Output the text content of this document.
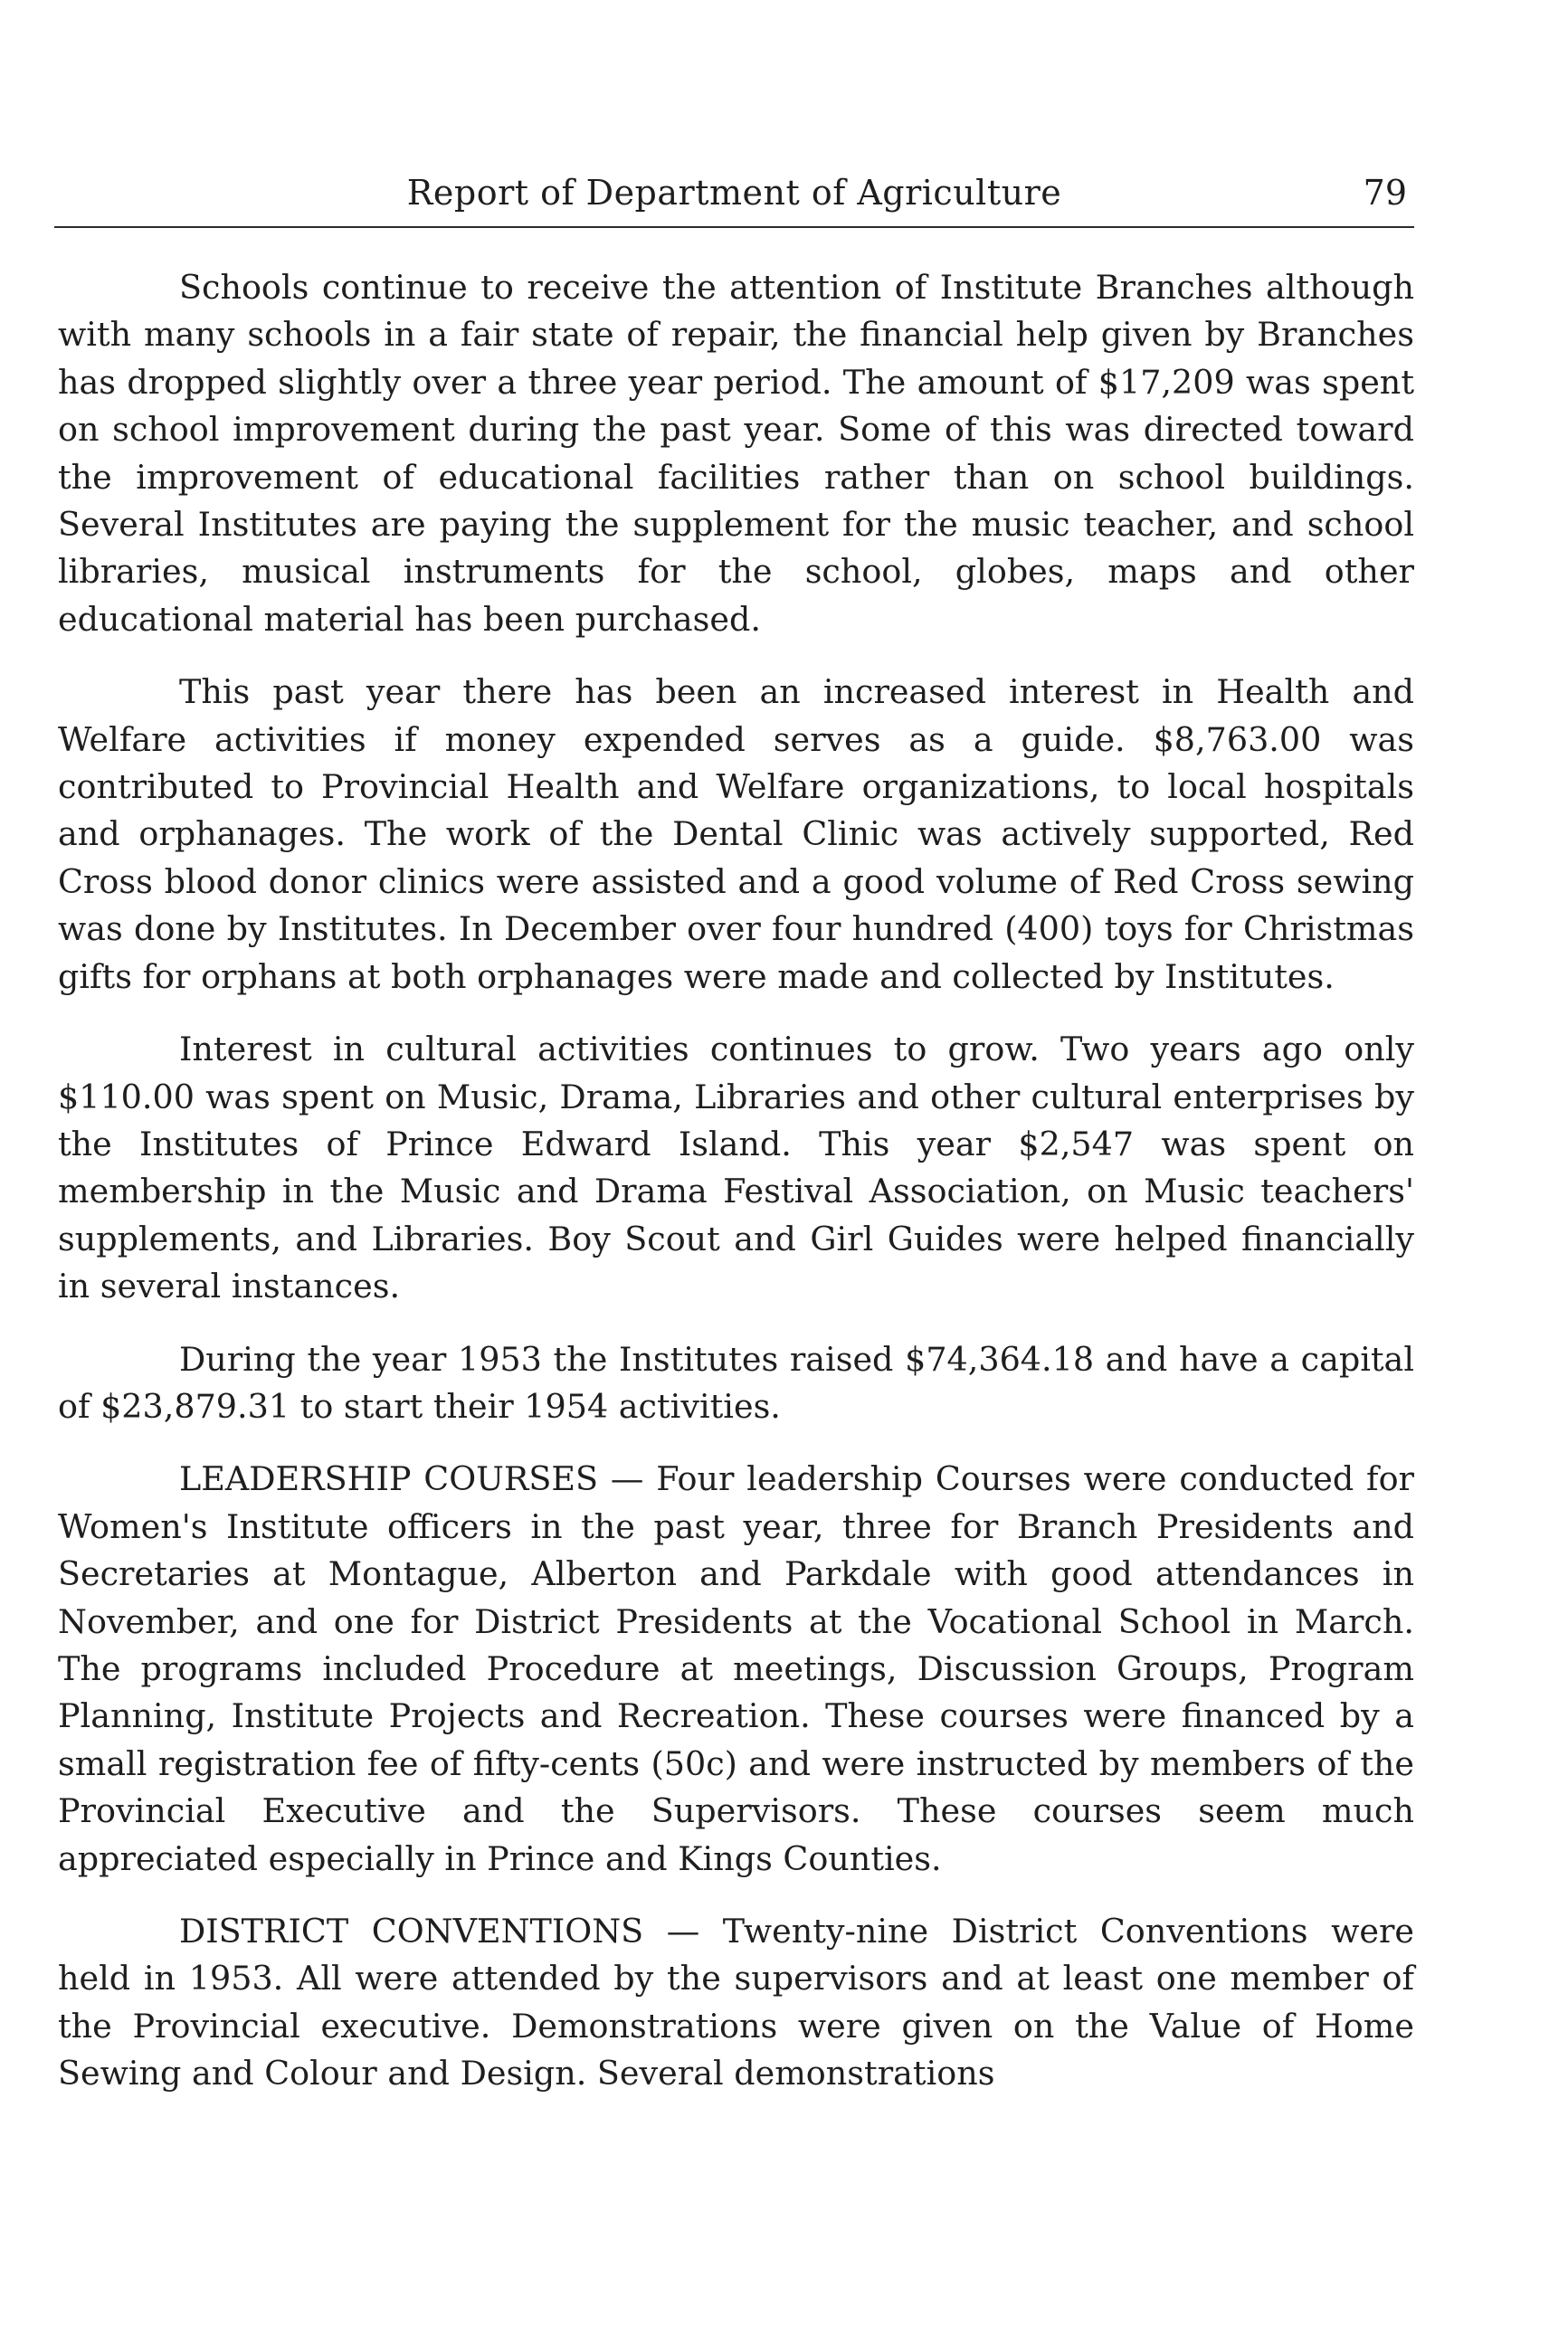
Report of Department of Agriculture	79

Schools continue to receive the attention of Institute Branches although with many schools in a fair state of repair, the financial help given by Branches has dropped slightly over a three year period. The amount of $17,209 was spent on school improvement during the past year. Some of this was directed toward the improvement of educational facilities rather than on school buildings. Several Institutes are paying the supplement for the music teacher, and school libraries, musical instruments for the school, globes, maps and other educational material has been purchased.

This past year there has been an increased interest in Health and Welfare activities if money expended serves as a guide. $8,763.00 was contributed to Provincial Health and Welfare organizations, to local hospitals and orphanages. The work of the Dental Clinic was actively supported, Red Cross blood donor clinics were assisted and a good volume of Red Cross sewing was done by Institutes. In December over four hundred (400) toys for Christmas gifts for orphans at both orphanages were made and collected by Institutes.

Interest in cultural activities continues to grow. Two years ago only $110.00 was spent on Music, Drama, Libraries and other cultural enterprises by the Institutes of Prince Edward Island. This year $2,547 was spent on membership in the Music and Drama Festival Association, on Music teachers' supplements, and Libraries. Boy Scout and Girl Guides were helped financially in several instances.

During the year 1953 the Institutes raised $74,364.18 and have a capital of $23,879.31 to start their 1954 activities.

LEADERSHIP COURSES — Four leadership Courses were conducted for Women's Institute officers in the past year, three for Branch Presidents and Secretaries at Montague, Alberton and Parkdale with good attendances in November, and one for District Presidents at the Vocational School in March. The programs included Procedure at meetings, Discussion Groups, Program Planning, Institute Projects and Recreation. These courses were financed by a small registration fee of fifty-cents (50c) and were instructed by members of the Provincial Executive and the Supervisors. These courses seem much appreciated especially in Prince and Kings Counties.

DISTRICT CONVENTIONS — Twenty-nine District Conventions were held in 1953. All were attended by the supervisors and at least one member of the Provincial executive. Demonstrations were given on the Value of Home Sewing and Colour and Design. Several demonstrations
